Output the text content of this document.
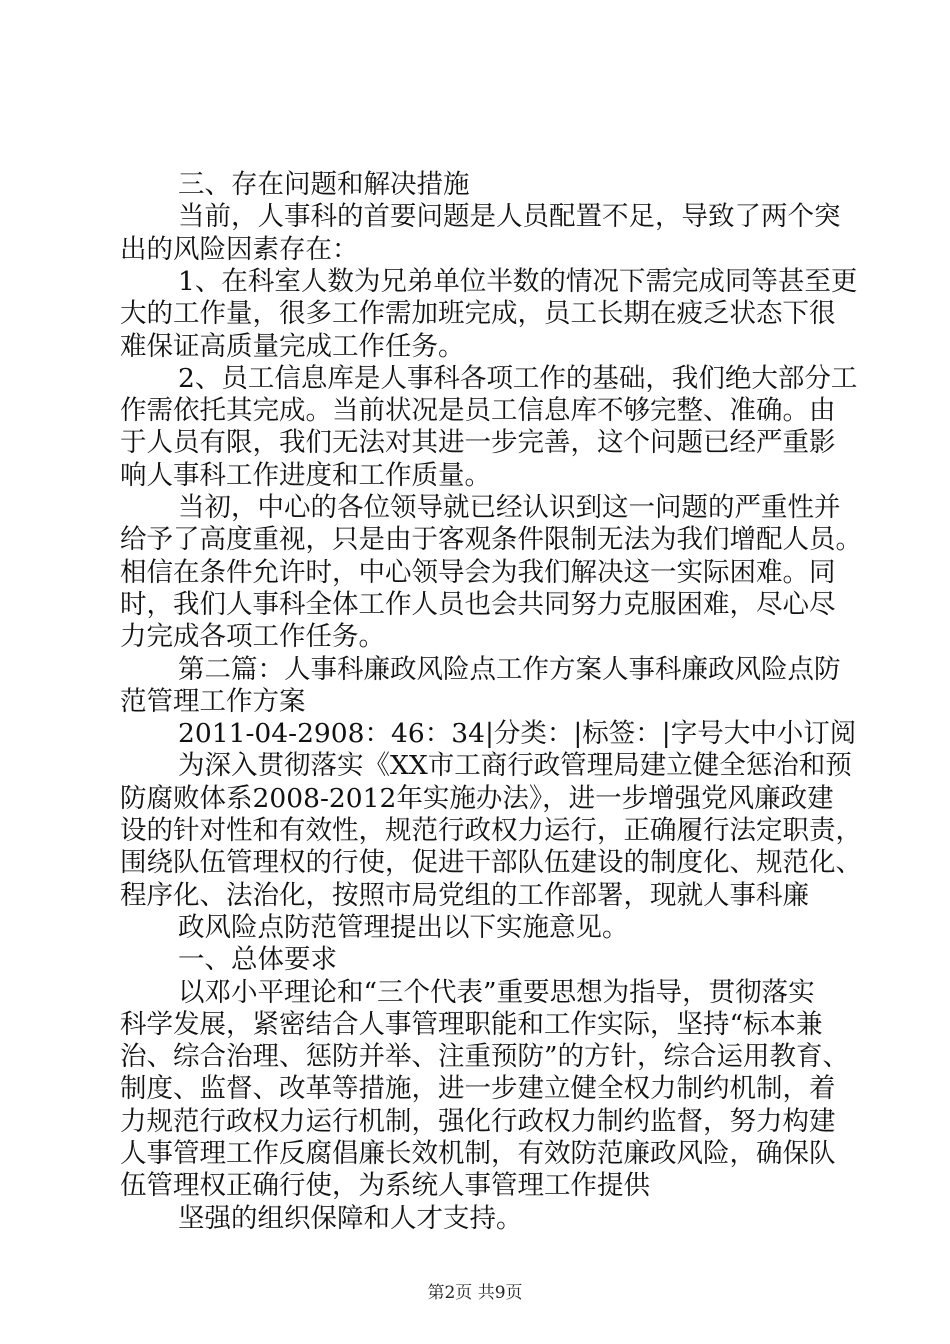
三、存在问题和解决措施
当前，人事科的首要问题是人员配置不足，导致了两个突
出的风险因素存在：
1、在科室人数为兄弟单位半数的情况下需完成同等甚至更
大的工作量，很多工作需加班完成，员工长期在疲乏状态下很
难保证高质量完成工作任务。
2、员工信息库是人事科各项工作的基础，我们绝大部分工
作需依托其完成。当前状况是员工信息库不够完整、准确。由
于人员有限，我们无法对其进一步完善，这个问题已经严重影
响人事科工作进度和工作质量。
当初，中心的各位领导就已经认识到这一问题的严重性并
给予了高度重视，只是由于客观条件限制无法为我们增配人员。
相信在条件允许时，中心领导会为我们解决这一实际困难。同
时，我们人事科全体工作人员也会共同努力克服困难，尽心尽
力完成各项工作任务。
第二篇：人事科廉政风险点工作方案人事科廉政风险点防
范管理工作方案
2011-04-2908：46：34|分类：|标签：|字号大中小订阅
为深入贯彻落实《XX市工商行政管理局建立健全惩治和预
防腐败体系2008-2012年实施办法》，进一步增强党风廉政建
设的针对性和有效性，规范行政权力运行，正确履行法定职责，
围绕队伍管理权的行使，促进干部队伍建设的制度化、规范化、
程序化、法治化，按照市局党组的工作部署，现就人事科廉
政风险点防范管理提出以下实施意见。
一、总体要求
以邓小平理论和“三个代表”重要思想为指导，贯彻落实
科学发展，紧密结合人事管理职能和工作实际，坚持“标本兼
治、综合治理、惩防并举、注重预防”的方针，综合运用教育、
制度、监督、改革等措施，进一步建立健全权力制约机制，着
力规范行政权力运行机制，强化行政权力制约监督，努力构建
人事管理工作反腐倡廉长效机制，有效防范廉政风险，确保队
伍管理权正确行使，为系统人事管理工作提供
坚强的组织保障和人才支持。
第2页 共9页
